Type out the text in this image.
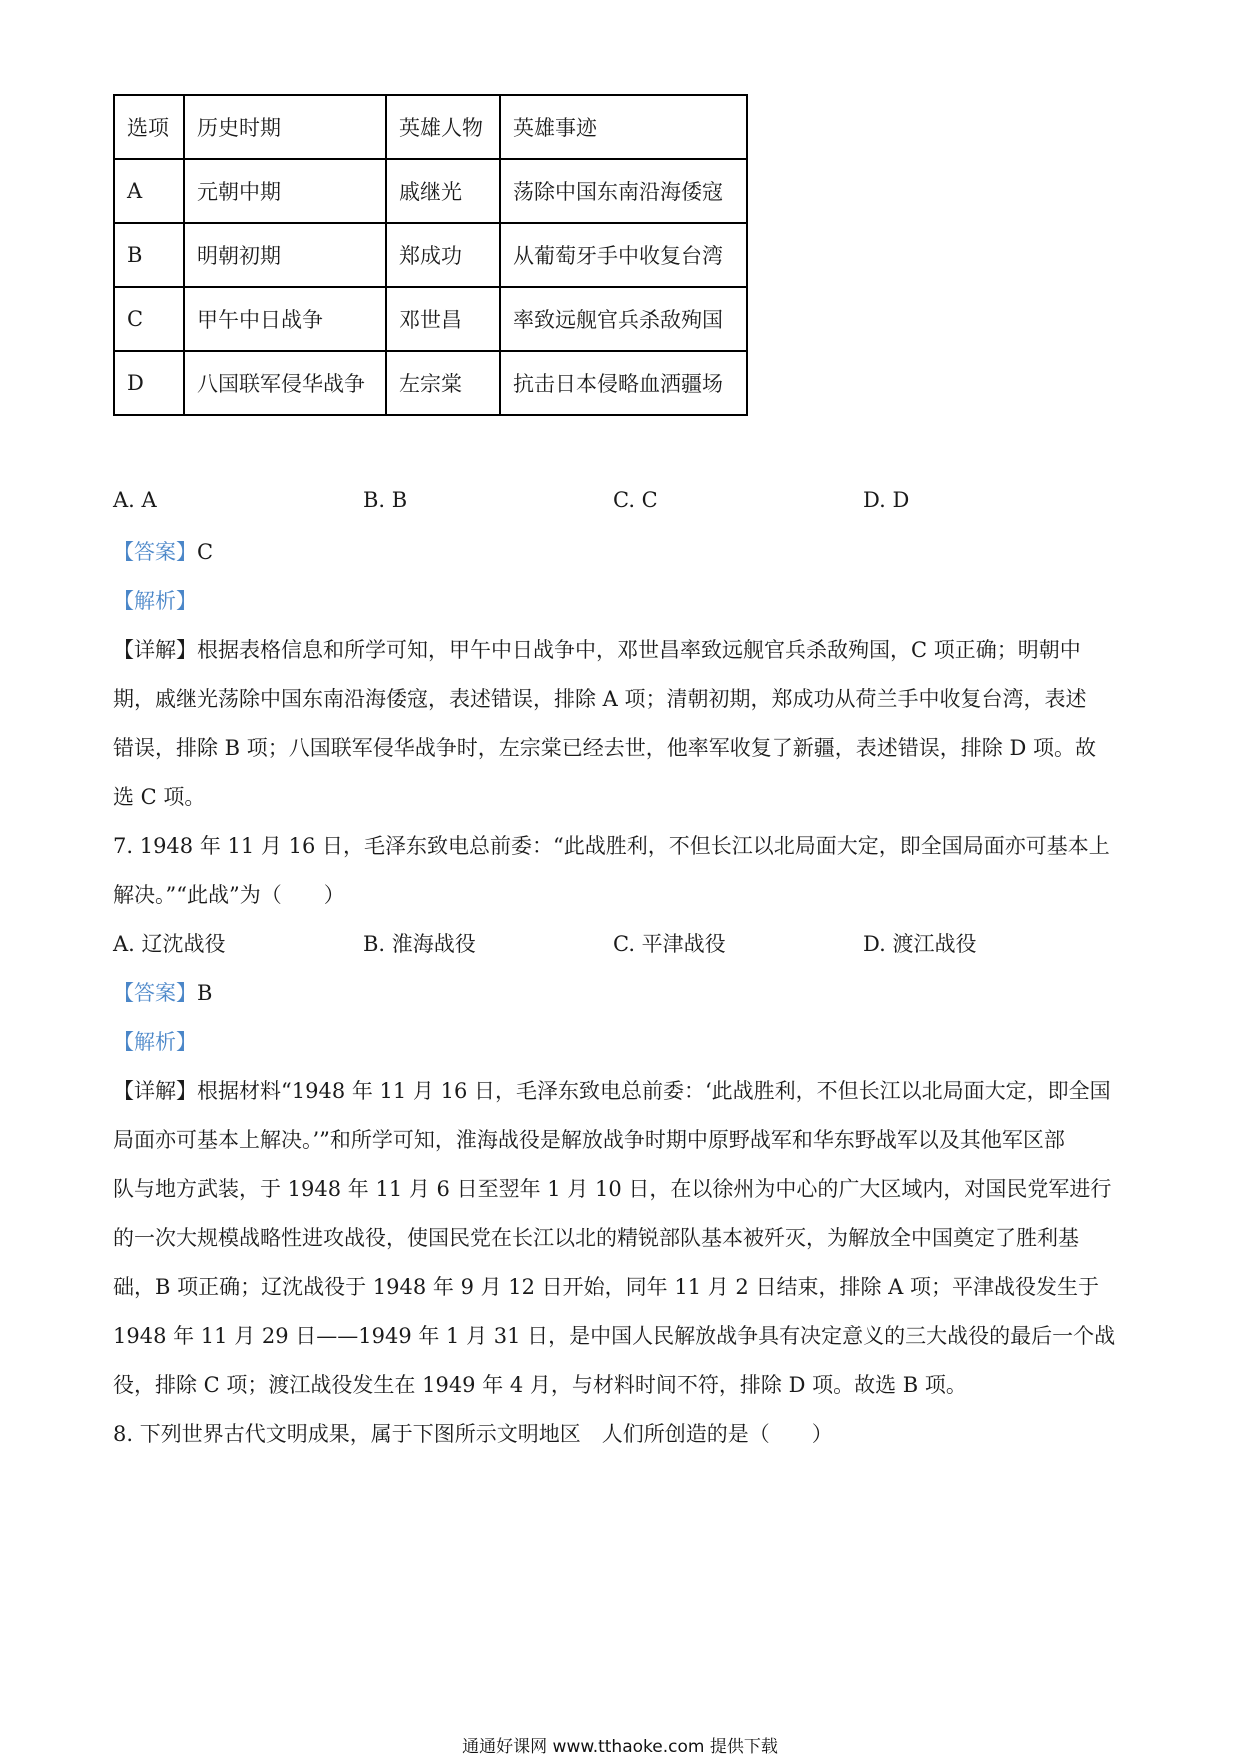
选项	历史时期	英雄人物	英雄事迹
A	元朝中期	戚继光	荡除中国东南沿海倭寇
B	明朝初期	郑成功	从葡萄牙手中收复台湾
C	甲午中日战争	邓世昌	率致远舰官兵杀敌殉国
D	八国联军侵华战争	左宗棠	抗击日本侵略血洒疆场
A. A	B. B	C. C	D. D
【答案】C
【解析】
【详解】根据表格信息和所学可知，甲午中日战争中，邓世昌率致远舰官兵杀敌殉国，C 项正确；明朝中
期，戚继光荡除中国东南沿海倭寇，表述错误，排除 A 项；清朝初期，郑成功从荷兰手中收复台湾，表述
错误，排除 B 项；八国联军侵华战争时，左宗棠已经去世，他率军收复了新疆，表述错误，排除 D 项。故
选 C 项。
7. 1948 年 11 月 16 日，毛泽东致电总前委：“此战胜利，不但长江以北局面大定，即全国局面亦可基本上
解决。”“此战”为（　　）
A. 辽沈战役	B. 淮海战役	C. 平津战役	D. 渡江战役
【答案】B
【解析】
【详解】根据材料“1948 年 11 月 16 日，毛泽东致电总前委：‘此战胜利，不但长江以北局面大定，即全国
局面亦可基本上解决。’”和所学可知，淮海战役是解放战争时期中原野战军和华东野战军以及其他军区部
队与地方武装，于 1948 年 11 月 6 日至翌年 1 月 10 日，在以徐州为中心的广大区域内，对国民党军进行
的一次大规模战略性进攻战役，使国民党在长江以北的精锐部队基本被歼灭，为解放全中国奠定了胜利基
础，B 项正确；辽沈战役于 1948 年 9 月 12 日开始，同年 11 月 2 日结束，排除 A 项；平津战役发生于
1948 年 11 月 29 日——1949 年 1 月 31 日，是中国人民解放战争具有决定意义的三大战役的最后一个战
役，排除 C 项；渡江战役发生在 1949 年 4 月，与材料时间不符，排除 D 项。故选 B 项。
8. 下列世界古代文明成果，属于下图所示文明地区　人们所创造的是（　　）
通通好课网 www.tthaoke.com 提供下载
